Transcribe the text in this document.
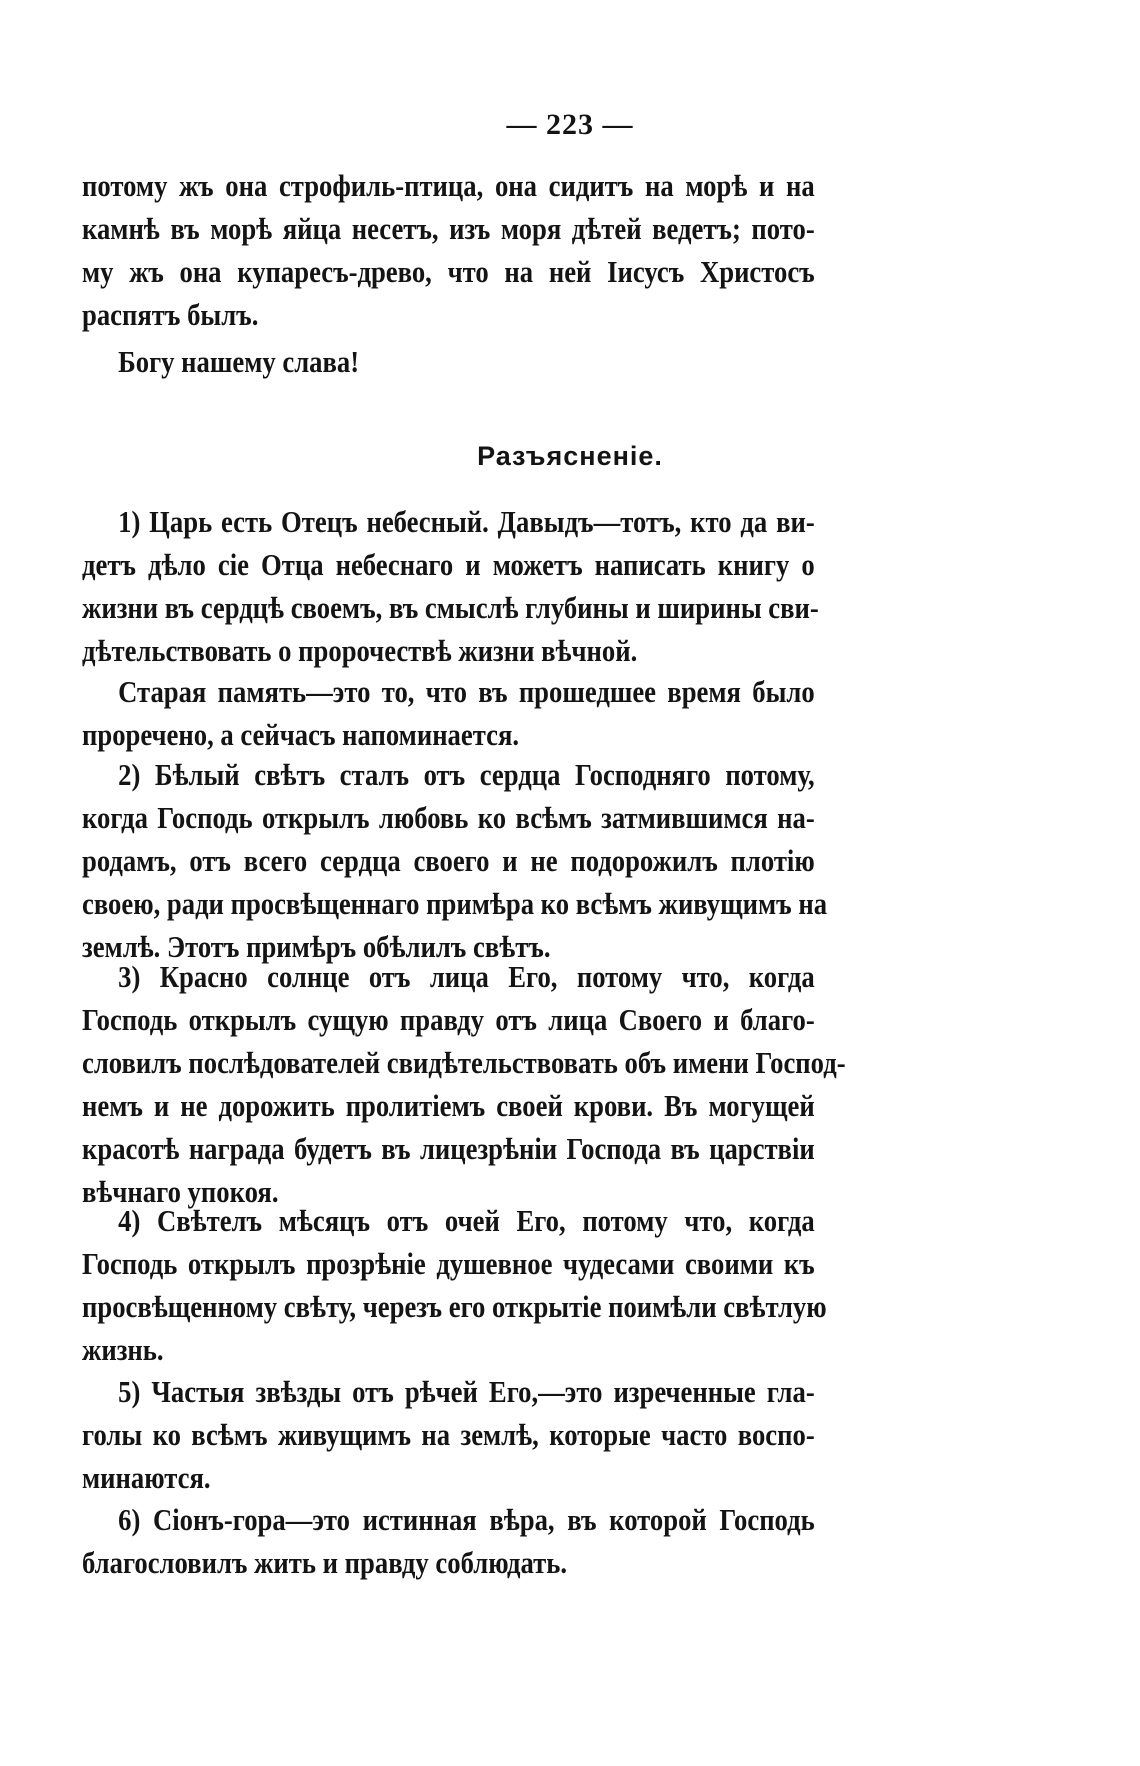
— 223 —
потому жъ она строфиль-птица, она сидитъ на морѣ и на
камнѣ въ морѣ яйца несетъ, изъ моря дѣтей ведетъ; пото-
му жъ она купаресъ-древо, что на ней Іисусъ Христосъ
распятъ былъ.
Богу нашему слава!
Разъясненіе.
1) Царь есть Отецъ небесный. Давыдъ—тотъ, кто да ви-
детъ дѣло сіе Отца небеснаго и можетъ написать книгу о
жизни въ сердцѣ своемъ, въ смыслѣ глубины и ширины сви-
дѣтельствовать о пророчествѣ жизни вѣчной.
Старая память—это то, что въ прошедшее время было
проречено, а сейчасъ напоминается.
2) Бѣлый свѣтъ сталъ отъ сердца Господняго потому,
когда Господь открылъ любовь ко всѣмъ затмившимся на-
родамъ, отъ всего сердца своего и не подорожилъ плотію
своею, ради просвѣщеннаго примѣра ко всѣмъ живущимъ на
землѣ. Этотъ примѣръ обѣлилъ свѣтъ.
3) Красно солнце отъ лица Его, потому что, когда
Господь открылъ сущую правду отъ лица Своего и благо-
словилъ послѣдователей свидѣтельствовать объ имени Господ-
немъ и не дорожить пролитіемъ своей крови. Въ могущей
красотѣ награда будетъ въ лицезрѣніи Господа въ царствіи
вѣчнаго упокоя.
4) Свѣтелъ мѣсяцъ отъ очей Его, потому что, когда
Господь открылъ прозрѣніе душевное чудесами своими къ
просвѣщенному свѣту, черезъ его открытіе поимѣли свѣтлую
жизнь.
5) Частыя звѣзды отъ рѣчей Его,—это изреченные гла-
голы ко всѣмъ живущимъ на землѣ, которые часто воспо-
минаются.
6) Сіонъ-гора—это истинная вѣра, въ которой Господь
благословилъ жить и правду соблюдать.
